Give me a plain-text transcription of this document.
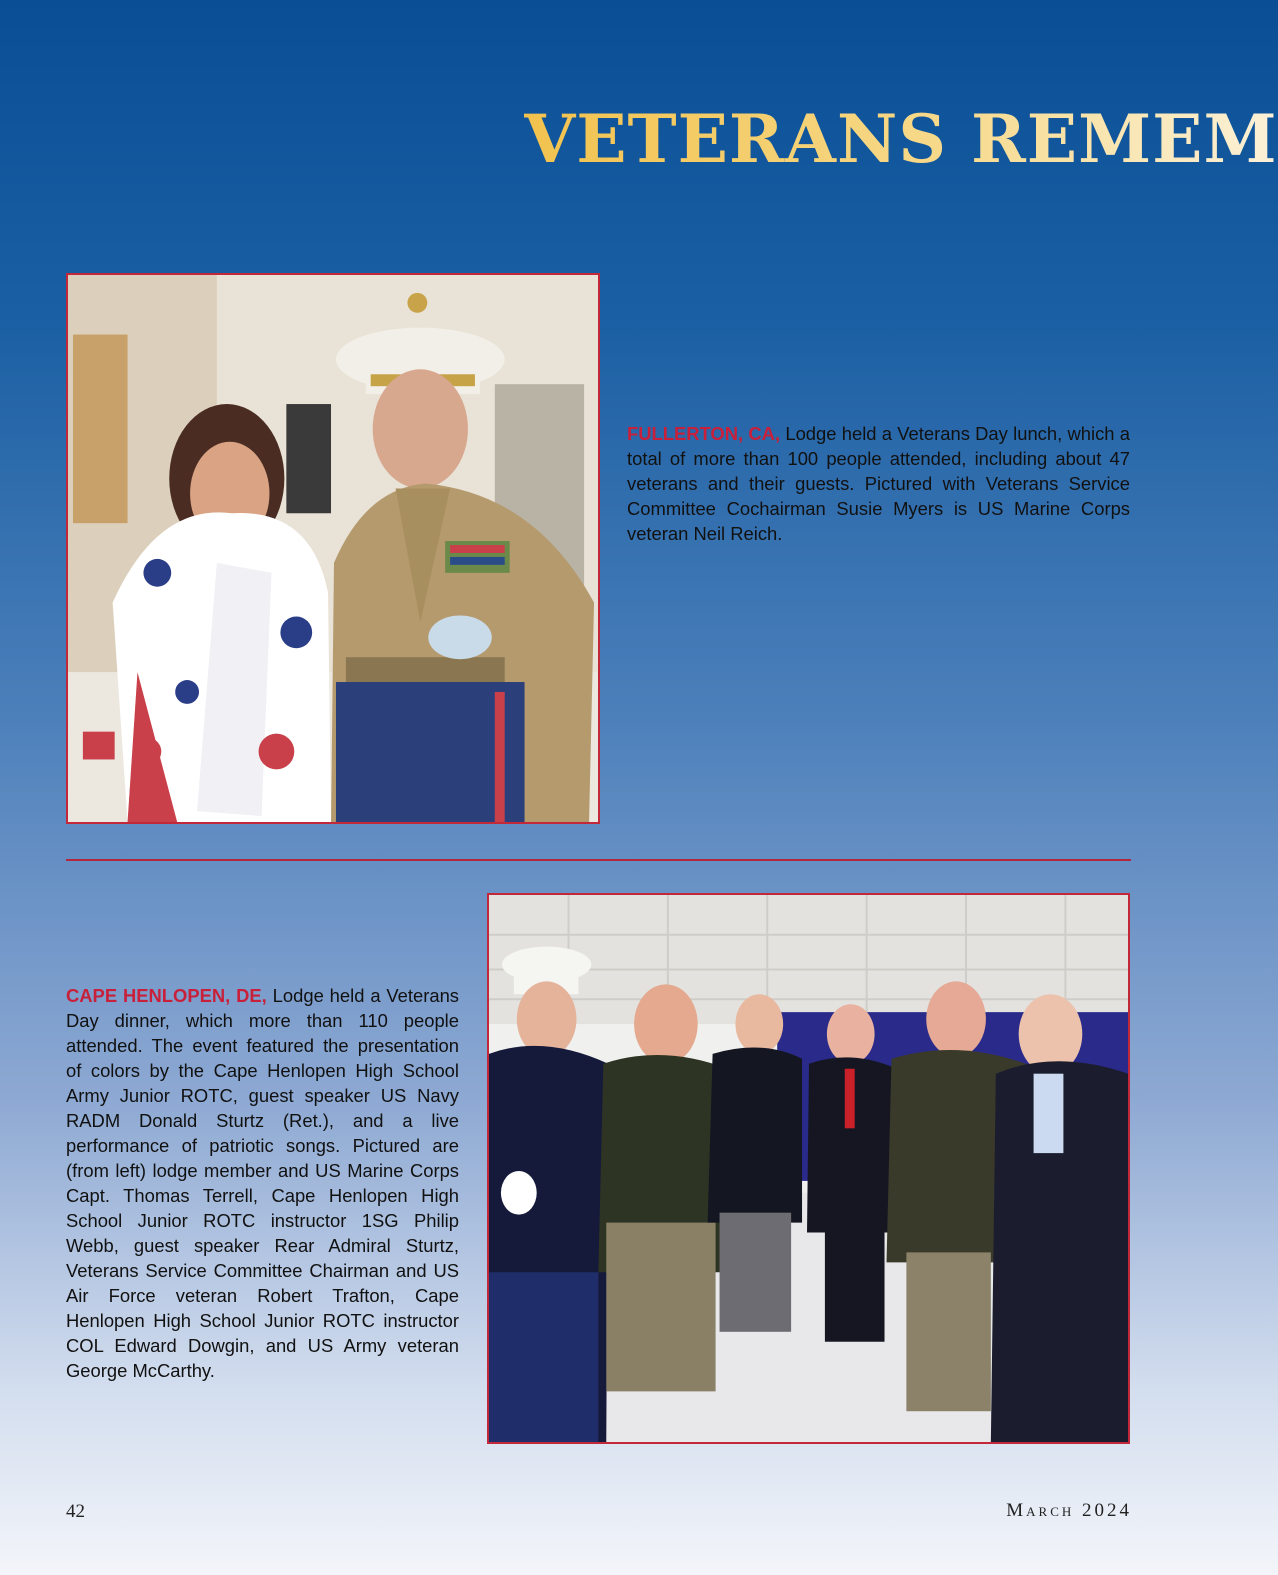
VETERANS REMEM

FULLERTON, CA, Lodge held a Veterans Day lunch, which a total of more than 100 people attended, including about 47 veterans and their guests. Pictured with Veterans Service Committee Cochairman Susie Myers is US Marine Corps veteran Neil Reich.

CAPE HENLOPEN, DE, Lodge held a Veterans Day dinner, which more than 110 people attended. The event featured the presentation of colors by the Cape Henlopen High School Army Junior ROTC, guest speaker US Navy RADM Donald Sturtz (Ret.), and a live performance of patriotic songs. Pictured are (from left) lodge member and US Marine Corps Capt. Thomas Terrell, Cape Henlopen High School Junior ROTC instructor 1SG Philip Webb, guest speaker Rear Admiral Sturtz, Veterans Service Committee Chairman and US Air Force veteran Robert Trafton, Cape Henlopen High School Junior ROTC instructor COL Edward Dowgin, and US Army veteran George McCarthy.

42	March 2024
